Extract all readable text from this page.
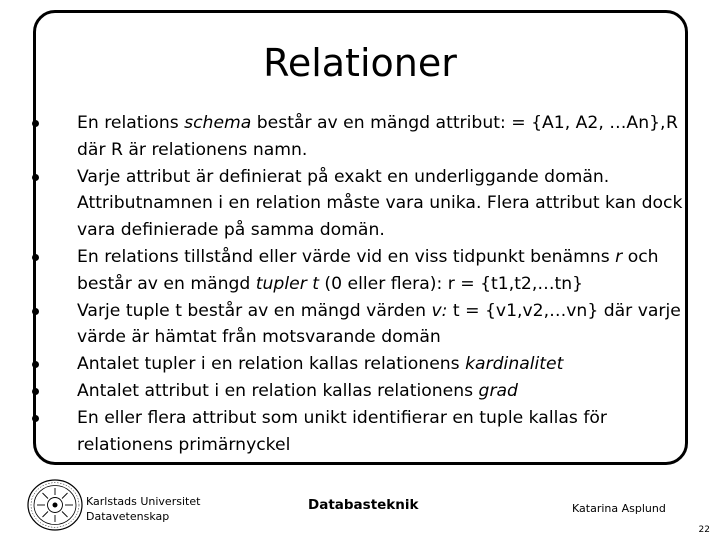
Relationer
En relations schema består av en mängd attribut:	R
= {A1, A2, …An}, där R är relationens namn.
Varje attribut är definierat på exakt en underliggande domän. Attributnamnen i en relation måste vara unika. Flera attribut kan dock vara definierade på samma domän.
En relations tillstånd eller värde vid en viss tidpunkt benämns r och består av en mängd tupler t (0 eller flera): r = {t1,t2,…tn}
Varje tuple t består av en mängd värden v: t = {v1,v2,…vn} där varje värde är hämtat från motsvarande domän
Antalet tupler i en relation kallas relationens kardinalitet
Antalet attribut i en relation kallas relationens grad
En eller flera attribut som unikt identifierar en tuple kallas för relationens primärnyckel
Karlstads Universitet
Datavetenskap
Databasteknik	Katarina Asplund
22
